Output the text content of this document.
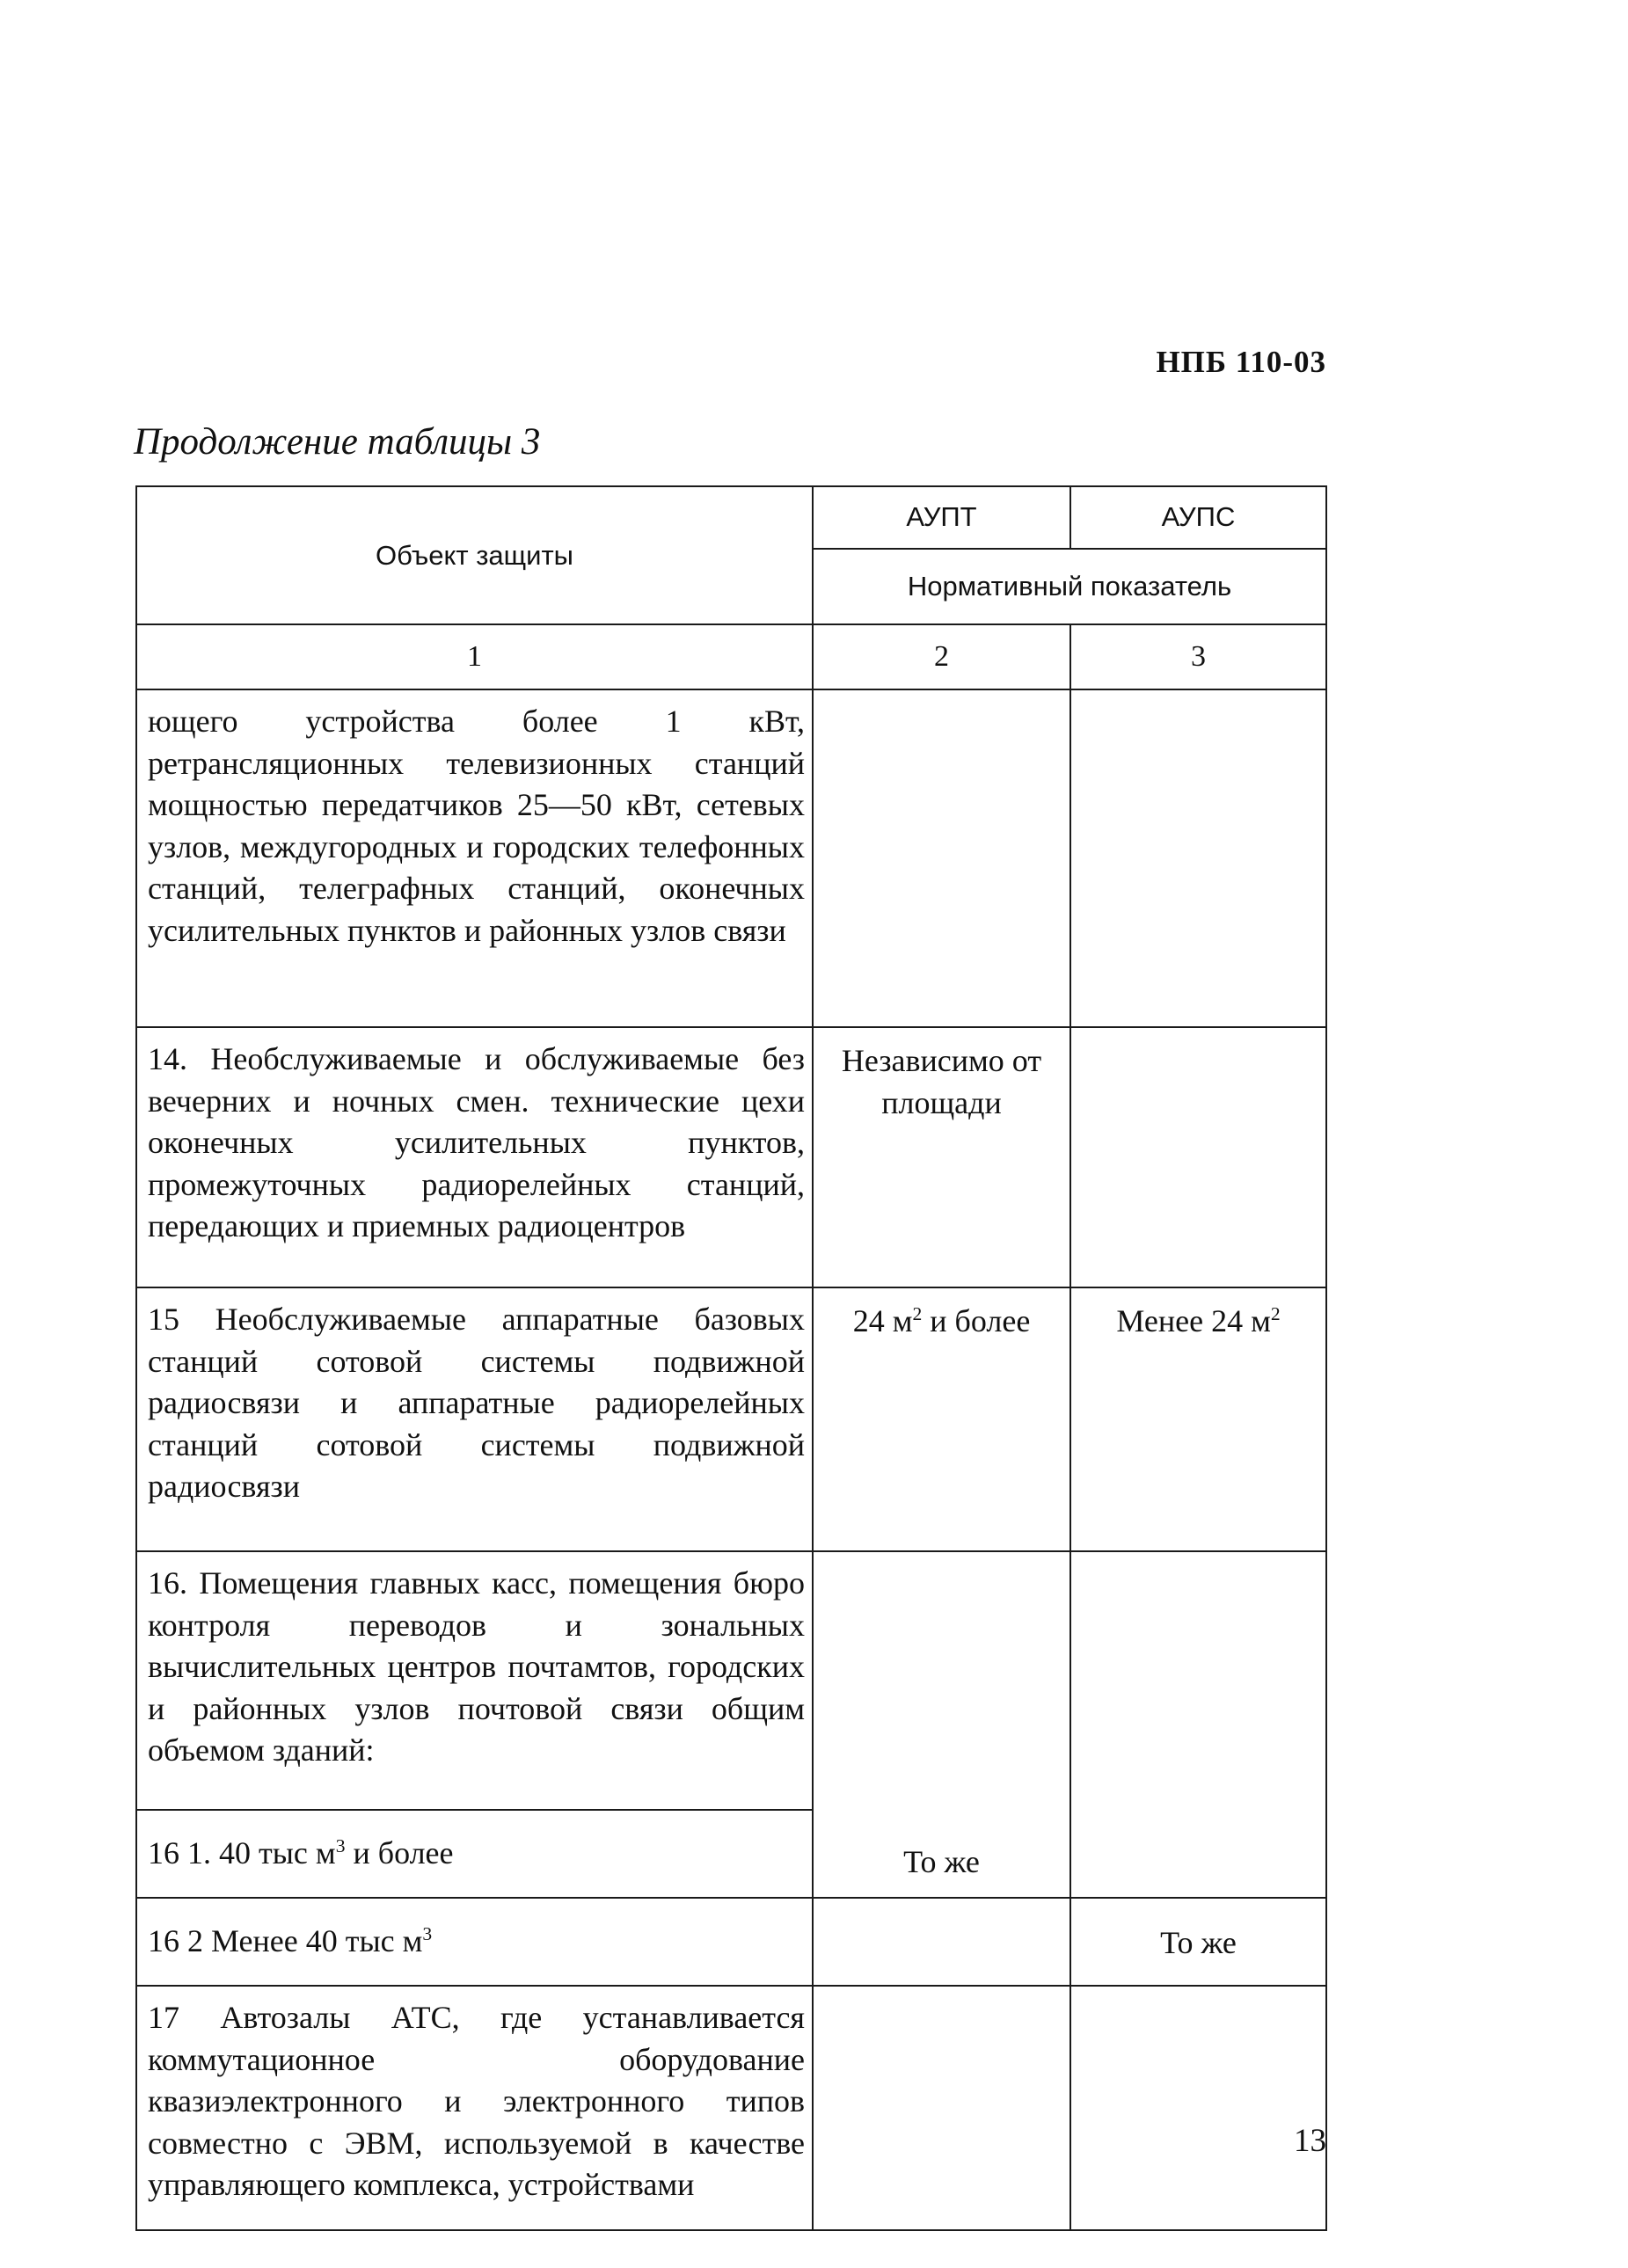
НПБ 110-03
Продолжение таблицы 3
Объект защиты	АУПТ	АУПС
	Нормативный показатель	
1	2	3
ющего устройства более 1 кВт, ретрансляционных телевизионных станций мощностью передатчиков 25—50 кВт, сетевых узлов, междугородных и городских телефонных станций, телеграфных станций, оконечных усилительных пунктов и районных узлов связи		
14. Необслуживаемые и обслуживаемые без вечерних и ночных смен. технические цехи оконечных усилительных пунктов, промежуточных радиорелейных станций, передающих и приемных радиоцентров	Независимо от площади	
15 Необслуживаемые аппаратные базовых станций сотовой системы подвижной радиосвязи и аппаратные радиорелейных станций сотовой системы подвижной радиосвязи	24 $м^2$ и более	Менее 24 $м^2$
16. Помещения главных касс, помещения бюро контроля переводов и зональных вычислительных центров почтамтов, городских и районных узлов почтовой связи общим объемом зданий:	То же	
16 1. 40 тыс $м^3$ и более		
16 2 Менее 40 тыс $м^3$		То же
17 Автозалы АТС, где устанавливается коммутационное оборудование квазиэлектронного и электронного типов совместно с ЭВМ, используемой в качестве управляющего комплекса, устройствами		
13
